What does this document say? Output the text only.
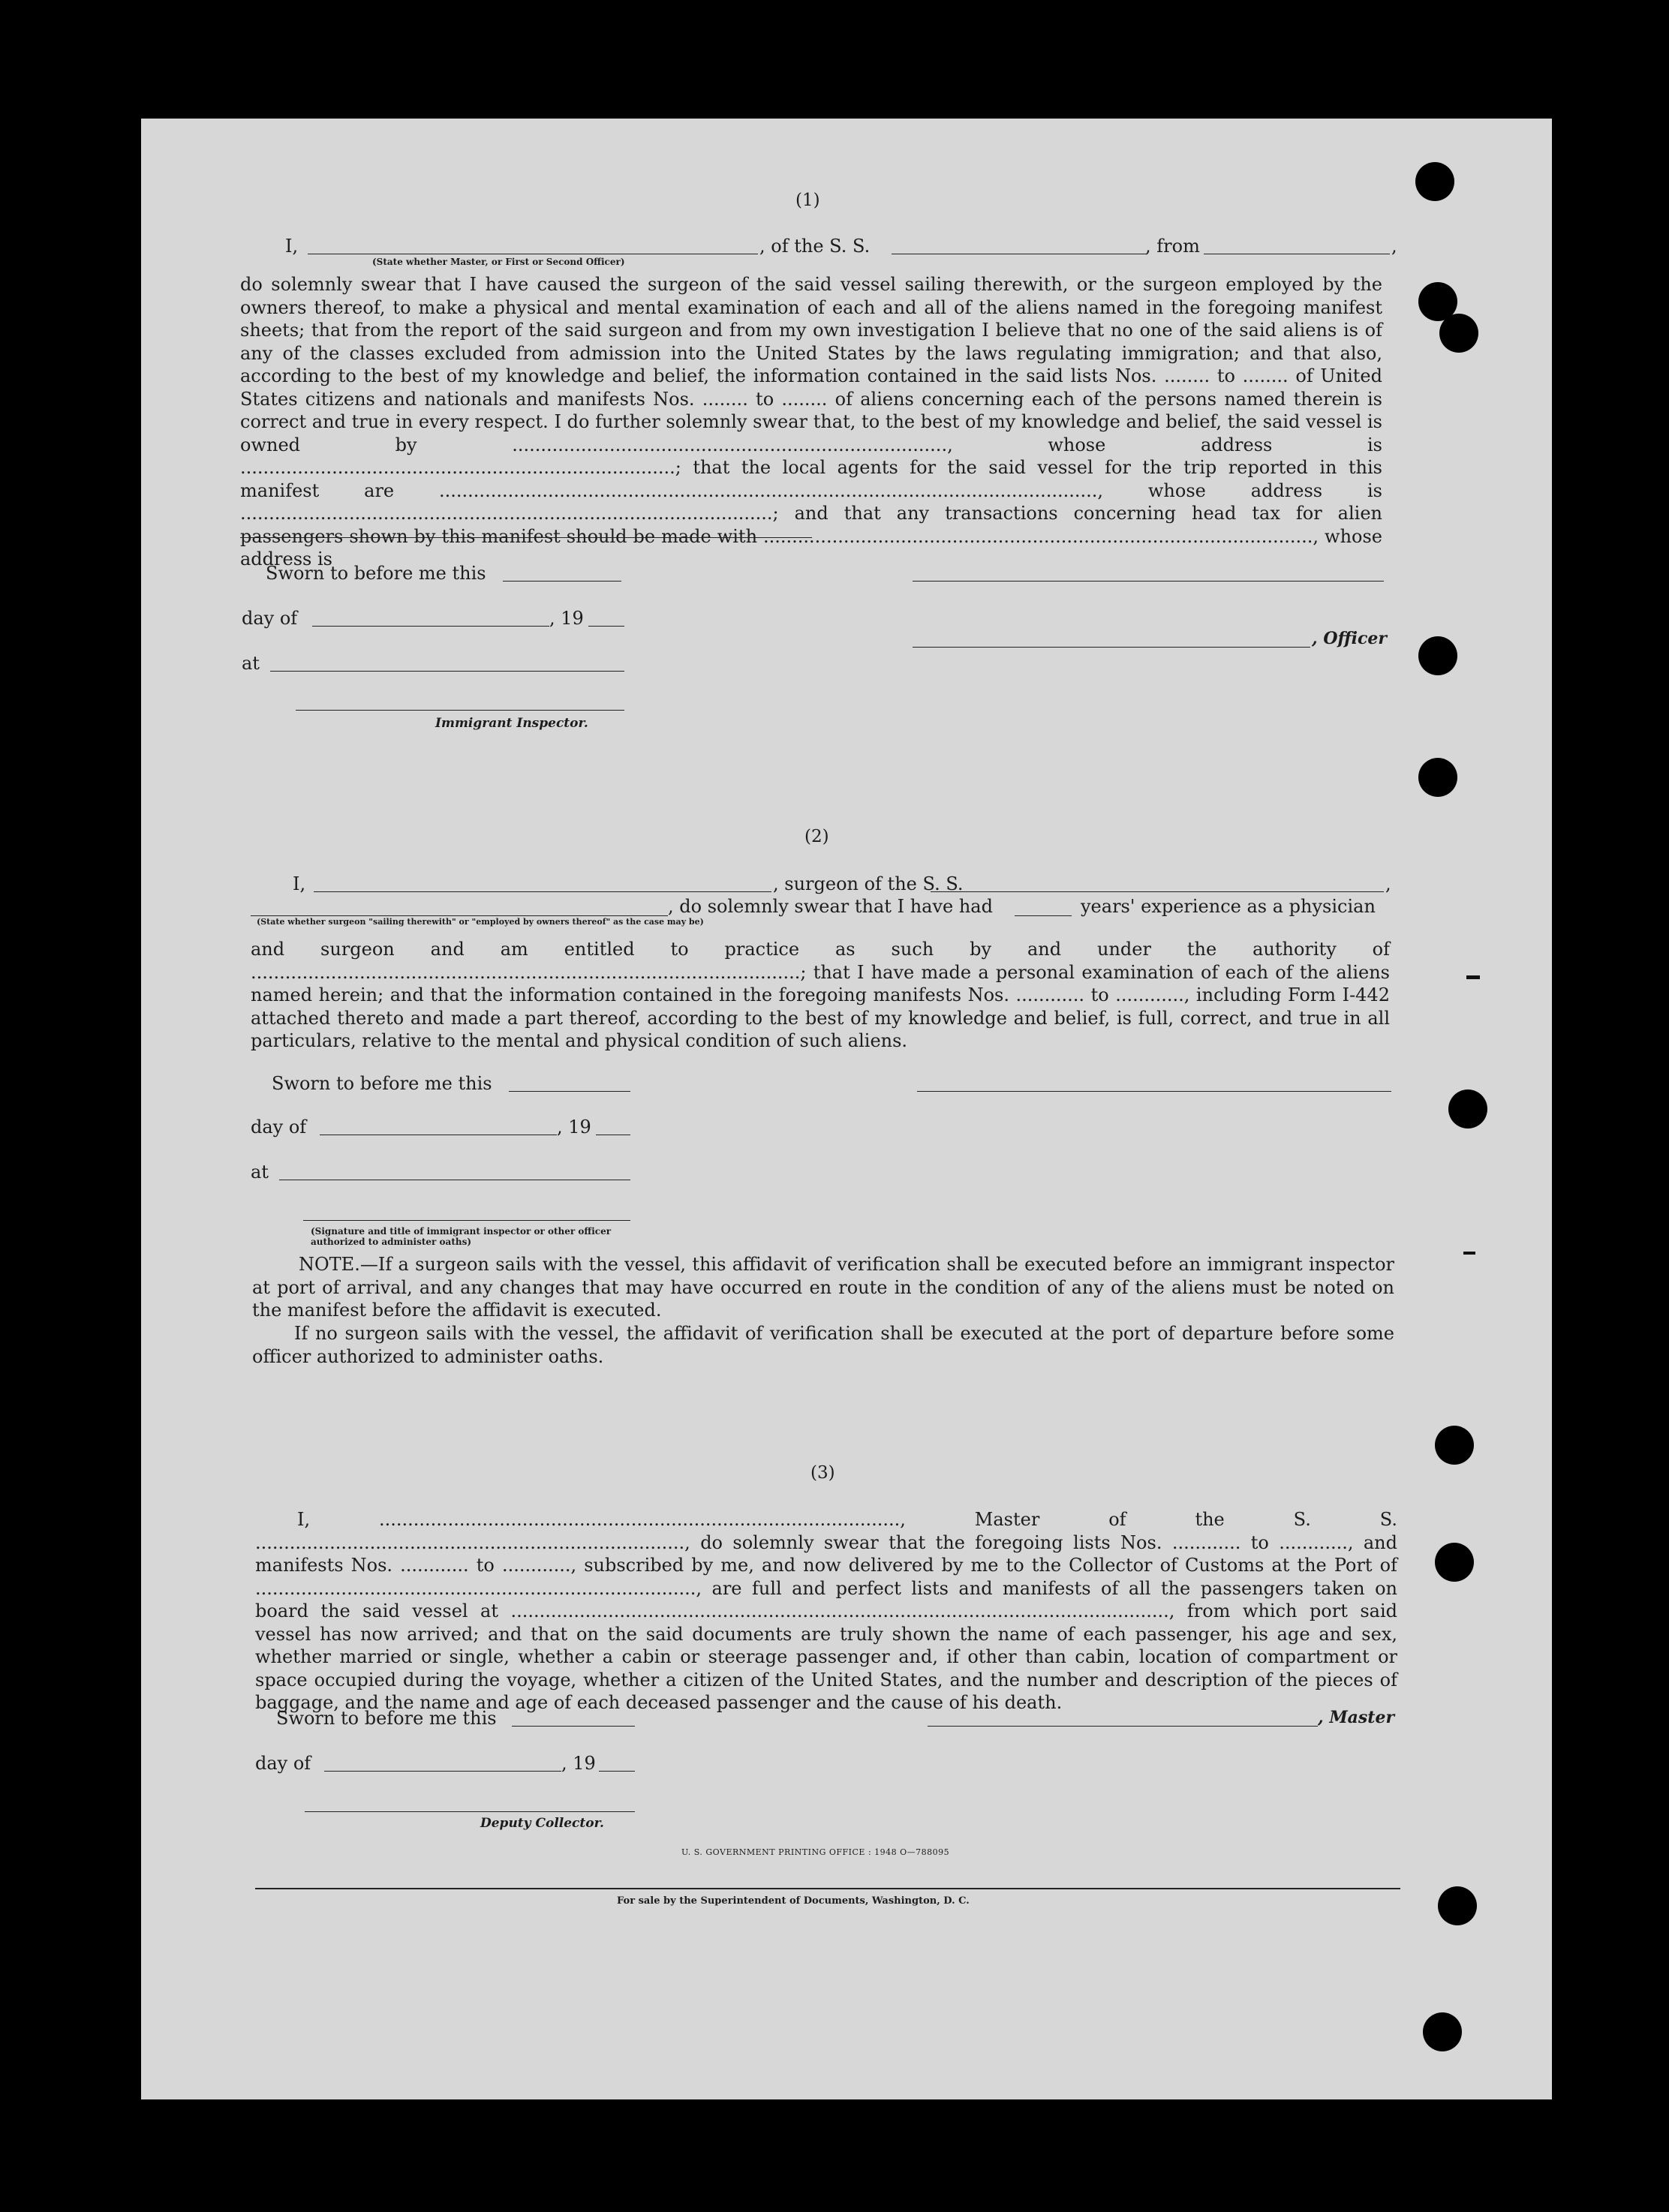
(1)
I,	, of the S. S.	, from	,
(State whether Master, or First or Second Officer)
do solemnly swear that I have caused the surgeon of the said vessel sailing therewith, or the surgeon employed by the owners thereof, to make a physical and mental examination of each and all of the aliens named in the foregoing manifest sheets; that from the report of the said surgeon and from my own investigation I believe that no one of the said aliens is of any of the classes excluded from admission into the United States by the laws regulating immigration; and that also, according to the best of my knowledge and belief, the information contained in the said lists Nos. ........ to ........ of United States citizens and nationals and manifests Nos. ........ to ........ of aliens concerning each of the persons named therein is correct and true in every respect. I do further solemnly swear that, to the best of my knowledge and belief, the said vessel is owned by ............................................................................, whose address is ............................................................................; that the local agents for the said vessel for the trip reported in this manifest are ..................................................................................................................., whose address is .............................................................................................; and that any transactions concerning head tax for alien passengers shown by this manifest should be made with ................................................................................................, whose address is
Sworn to before me this
day of	, 19
, Officer
at
Immigrant Inspector.
(2)
I,	, surgeon of the S. S.	,
, do solemnly swear that I have had	years' experience as a physician
(State whether surgeon "sailing therewith" or "employed by owners thereof" as the case may be)
and surgeon and am entitled to practice as such by and under the authority of ................................................................................................; that I have made a personal examination of each of the aliens named herein; and that the information contained in the foregoing manifests Nos. ............ to ............, including Form I-442 attached thereto and made a part thereof, according to the best of my knowledge and belief, is full, correct, and true in all particulars, relative to the mental and physical condition of such aliens.
Sworn to before me this
day of	, 19
at
(Signature and title of immigrant inspector or other officer authorized to administer oaths)
NOTE.—If a surgeon sails with the vessel, this affidavit of verification shall be executed before an immigrant inspector at port of arrival, and any changes that may have occurred en route in the condition of any of the aliens must be noted on the manifest before the affidavit is executed.
If no surgeon sails with the vessel, the affidavit of verification shall be executed at the port of departure before some officer authorized to administer oaths.
(3)
I, ..........................................................................................., Master of the S. S. ..........................................................................., do solemnly swear that the foregoing lists Nos. ............ to ............, and manifests Nos. ............ to ............, subscribed by me, and now delivered by me to the Collector of Customs at the Port of ............................................................................., are full and perfect lists and manifests of all the passengers taken on board the said vessel at ..................................................................................................................., from which port said vessel has now arrived; and that on the said documents are truly shown the name of each passenger, his age and sex, whether married or single, whether a cabin or steerage passenger and, if other than cabin, location of compartment or space occupied during the voyage, whether a citizen of the United States, and the number and description of the pieces of baggage, and the name and age of each deceased passenger and the cause of his death.
Sworn to before me this	, Master
day of	, 19
Deputy Collector.
U. S. GOVERNMENT PRINTING OFFICE : 1948 O—788095
For sale by the Superintendent of Documents, Washington, D. C.
